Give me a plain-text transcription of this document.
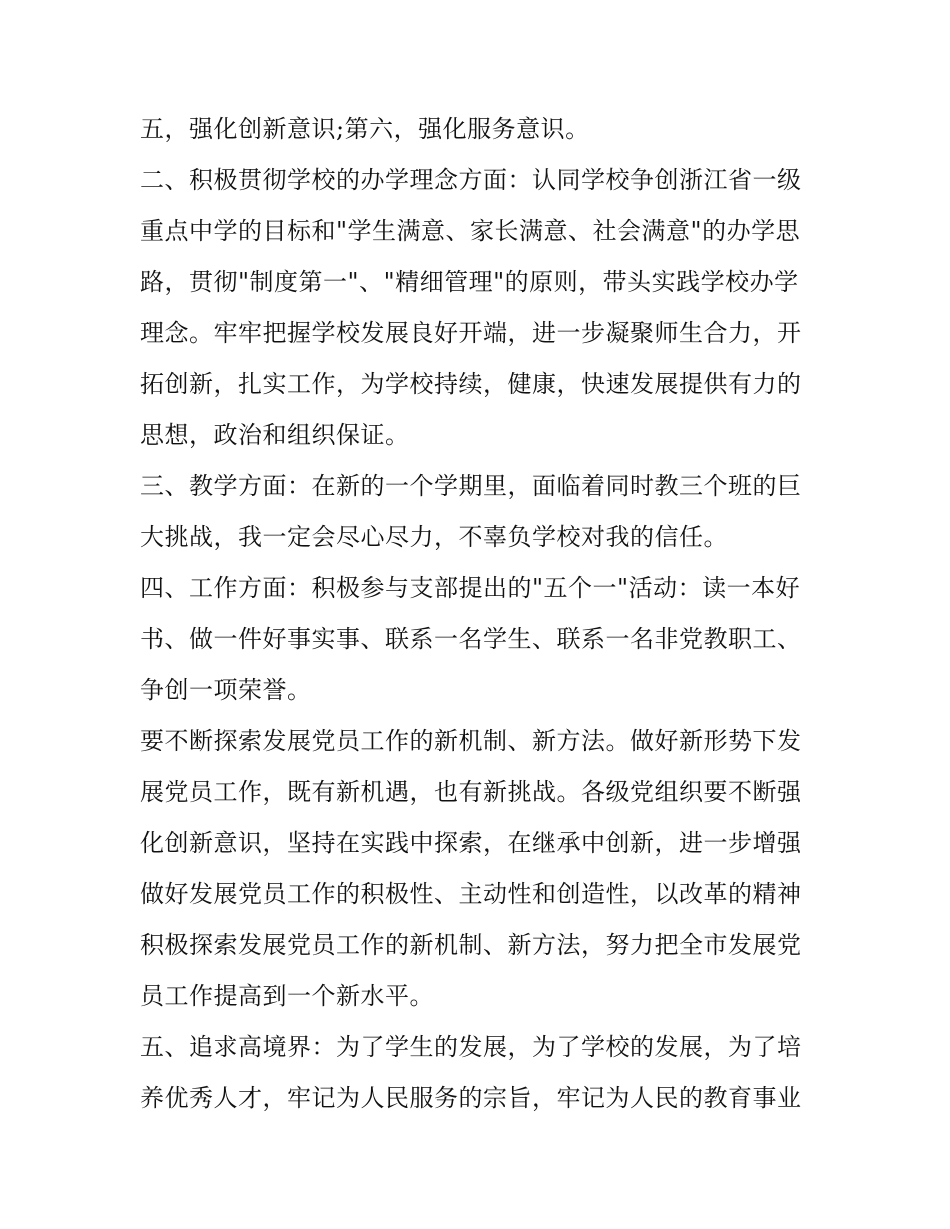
五，强化创新意识;第六，强化服务意识。
二、积极贯彻学校的办学理念方面：认同学校争创浙江省一级
重点中学的目标和"学生满意、家长满意、社会满意"的办学思
路，贯彻"制度第一"、"精细管理"的原则，带头实践学校办学
理念。牢牢把握学校发展良好开端，进一步凝聚师生合力，开
拓创新，扎实工作，为学校持续，健康，快速发展提供有力的
思想，政治和组织保证。
三、教学方面：在新的一个学期里，面临着同时教三个班的巨
大挑战，我一定会尽心尽力，不辜负学校对我的信任。
四、工作方面：积极参与支部提出的"五个一"活动：读一本好
书、做一件好事实事、联系一名学生、联系一名非党教职工、
争创一项荣誉。
要不断探索发展党员工作的新机制、新方法。做好新形势下发
展党员工作，既有新机遇，也有新挑战。各级党组织要不断强
化创新意识，坚持在实践中探索，在继承中创新，进一步增强
做好发展党员工作的积极性、主动性和创造性，以改革的精神
积极探索发展党员工作的新机制、新方法，努力把全市发展党
员工作提高到一个新水平。
五、追求高境界：为了学生的发展，为了学校的发展，为了培
养优秀人才，牢记为人民服务的宗旨，牢记为人民的教育事业
